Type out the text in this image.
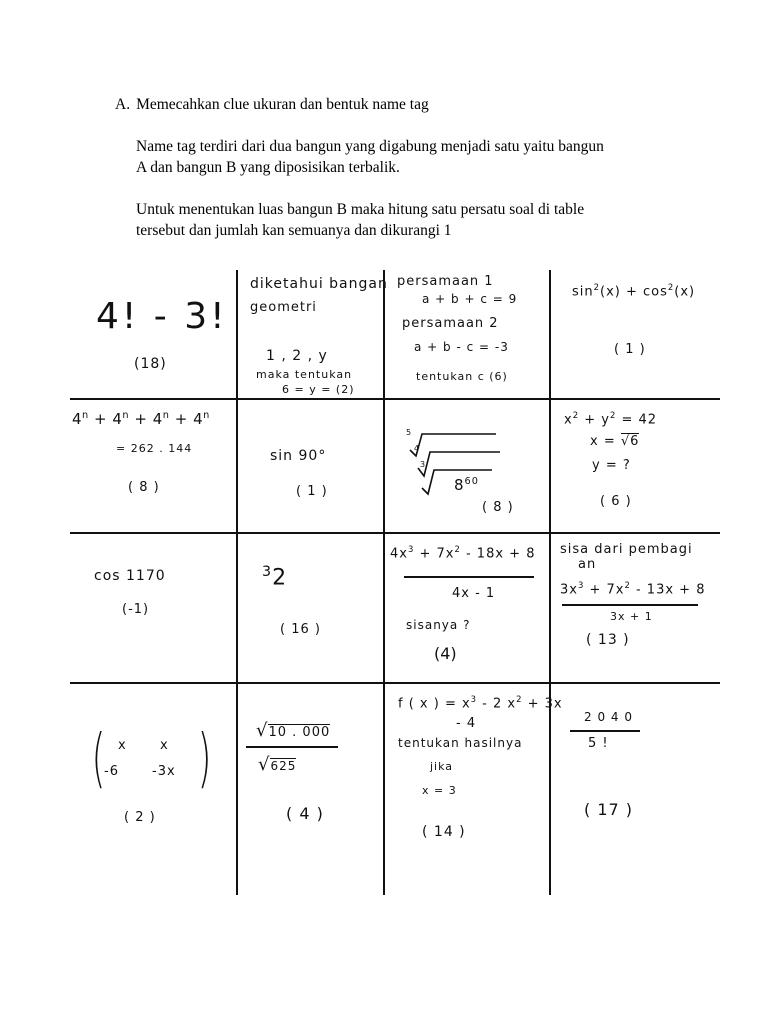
A. Memecahkan clue ukuran dan bentuk name tag
Name tag terdiri dari dua bangun yang digabung menjadi satu yaitu bangun
A dan bangun B yang diposisikan terbalik.
Untuk menentukan luas bangun B maka hitung satu persatu soal di table
tersebut dan jumlah kan semuanya dan dikurangi 1
4! - 3!
(18)
diketahui bangan
geometri
1 , 2 , y
maka tentukan
6 = y = (2)
persamaan 1
a + b + c = 9
persamaan 2
a + b - c = -3
tentukan c (6)
$\sin^2(x) + \cos^2(x)$
( 1 )
$4^n + 4^n + 4^n + 4^n$
= 262 . 144
( 8 )
sin 90°
( 1 )
5
4
3
$8^{60}$
( 8 )
$x^2 + y^2 = 42$
x = √6
y = ?
( 6 )
cos 1170
(-1)
$^3$2
( 16 )
$4x^3 + 7x^2 - 18x + 8$
4x - 1
sisanya ?
(4)
sisa dari pembagi
an
$3x^3 + 7x^2 - 13x + 8$
3x + 1
( 13 )
( )
x	x
-6	-3x
( 2 )
√10 . 000
√625
( 4 )
f ( x ) = $x^3 - 2$ $x^2 + 3x$
- 4
tentukan hasilnya
jika
x = 3
( 14 )
2 0 4 0
5 !
( 17 )
